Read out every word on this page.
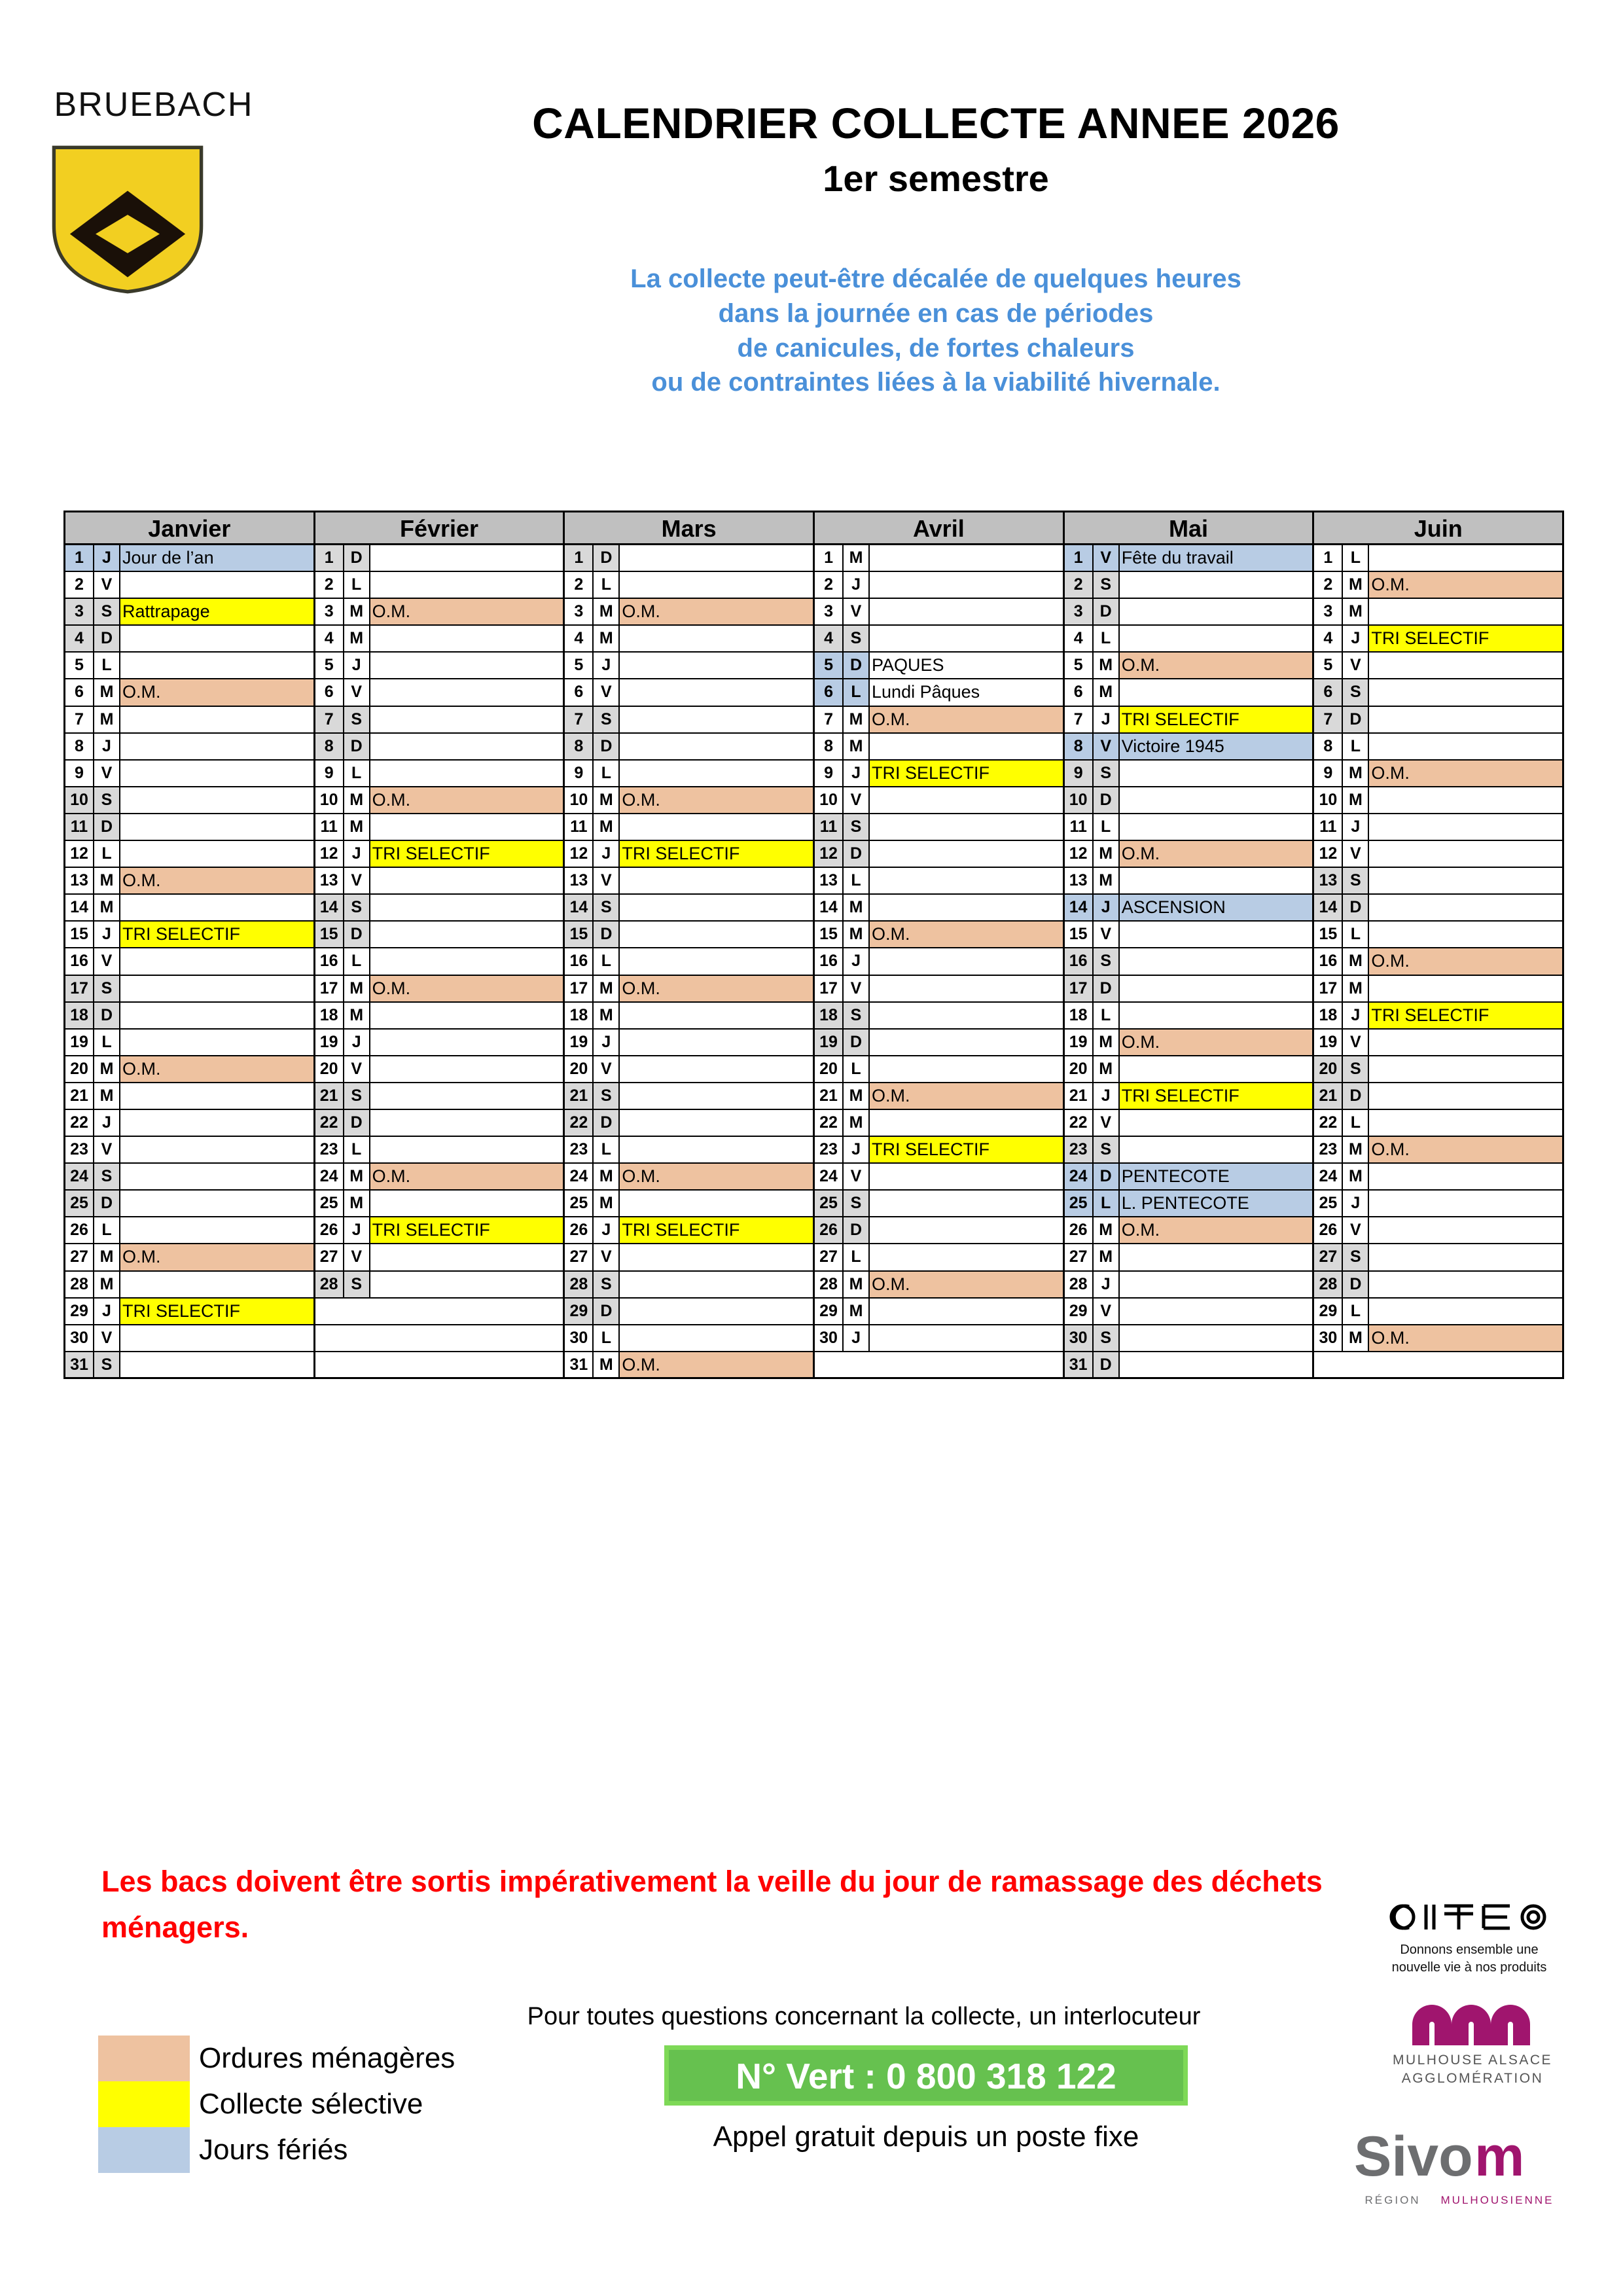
BRUEBACH	CALENDRIER COLLECTE ANNEE 2026
1er semestre
La collecte peut-être décalée de quelques heures
dans la journée en cas de périodes
de canicules, de fortes chaleurs
ou de contraintes liées à la viabilité hivernale.
Janvier
1	J Jour de l’an
2	V
3	S Rattrapage
4	D
5	L
6 M O.M.
7 M
8	J
9	V
10 S
11 D
12 L
13 M O.M.
14 M
15 J TRI SELECTIF
16 V
17 S
18 D
19 L
20 M O.M.
21 M
22 J
23 V
24 S
25 D
26 L
27 M O.M.
28 M
29 J TRI SELECTIF
30 V
31 S
Février
1	D
2	L
3 M O.M.
4 M
5	J
6	V
7	S
8	D
9	L
10 M O.M.
11 M
12 J TRI SELECTIF
13 V
14 S
15 D
16 L
17 M O.M.
18 M
19 J
20 V
21 S
22 D
23 L
24 M O.M.
25 M
26 J TRI SELECTIF
27 V
28 S
Mars
1	D
2	L
3 M O.M.
4 M
5	J
6	V
7	S
8	D
9	L
10 M O.M.
11 M
12 J TRI SELECTIF
13 V
14 S
15 D
16 L
17 M O.M.
18 M
19 J
20 V
21 S
22 D
23 L
24 M O.M.
25 M
26 J TRI SELECTIF
27 V
28 S
29 D
30 L
31 M O.M.
Avril
1 M
2	J
3	V
4	S
5	D PAQUES
6	L Lundi Pâques
7 M O.M.
8 M
9	J TRI SELECTIF
10 V
11 S
12 D
13 L
14 M
15 M O.M.
16 J
17 V
18 S
19 D
20 L
21 M O.M.
22 M
23 J TRI SELECTIF
24 V
25 S
26 D
27 L
28 M O.M.
29 M
30 J
Mai
1	V Fête du travail
2	S
3	D
4	L
5 M O.M.
6 M
7	J TRI SELECTIF
8	V Victoire 1945
9	S
10 D
11 L
12 M O.M.
13 M
14 J ASCENSION
15 V
16 S
17 D
18 L
19 M O.M.
20 M
21 J TRI SELECTIF
22 V
23 S
24 D PENTECOTE
25 L L. PENTECOTE
26 M O.M.
27 M
28 J
29 V
30 S
31 D
Juin
1	L
2 M O.M.
3 M
4	J TRI SELECTIF
5	V
6	S
7	D
8	L
9 M O.M.
10 M
11 J
12 V
13 S
14 D
15 L
16 M O.M.
17 M
18 J TRI SELECTIF
19 V
20 S
21 D
22 L
23 M O.M.
24 M
25 J
26 V
27 S
28 D
29 L
30 M O.M.
Les bacs doivent être sortis impérativement la veille du jour de ramassage des déchets ménagers.
Pour toutes questions concernant la collecte, un interlocuteur
Ordures ménagères
Collecte sélective
Jours fériés
N° Vert : 0 800 318 122
Appel gratuit depuis un poste fixe
Donnons ensemble une
nouvelle vie à nos produits
MULHOUSE ALSACE
AGGLOMÉRATION
Sivo m
RÉGION MULHOUSIENNE
